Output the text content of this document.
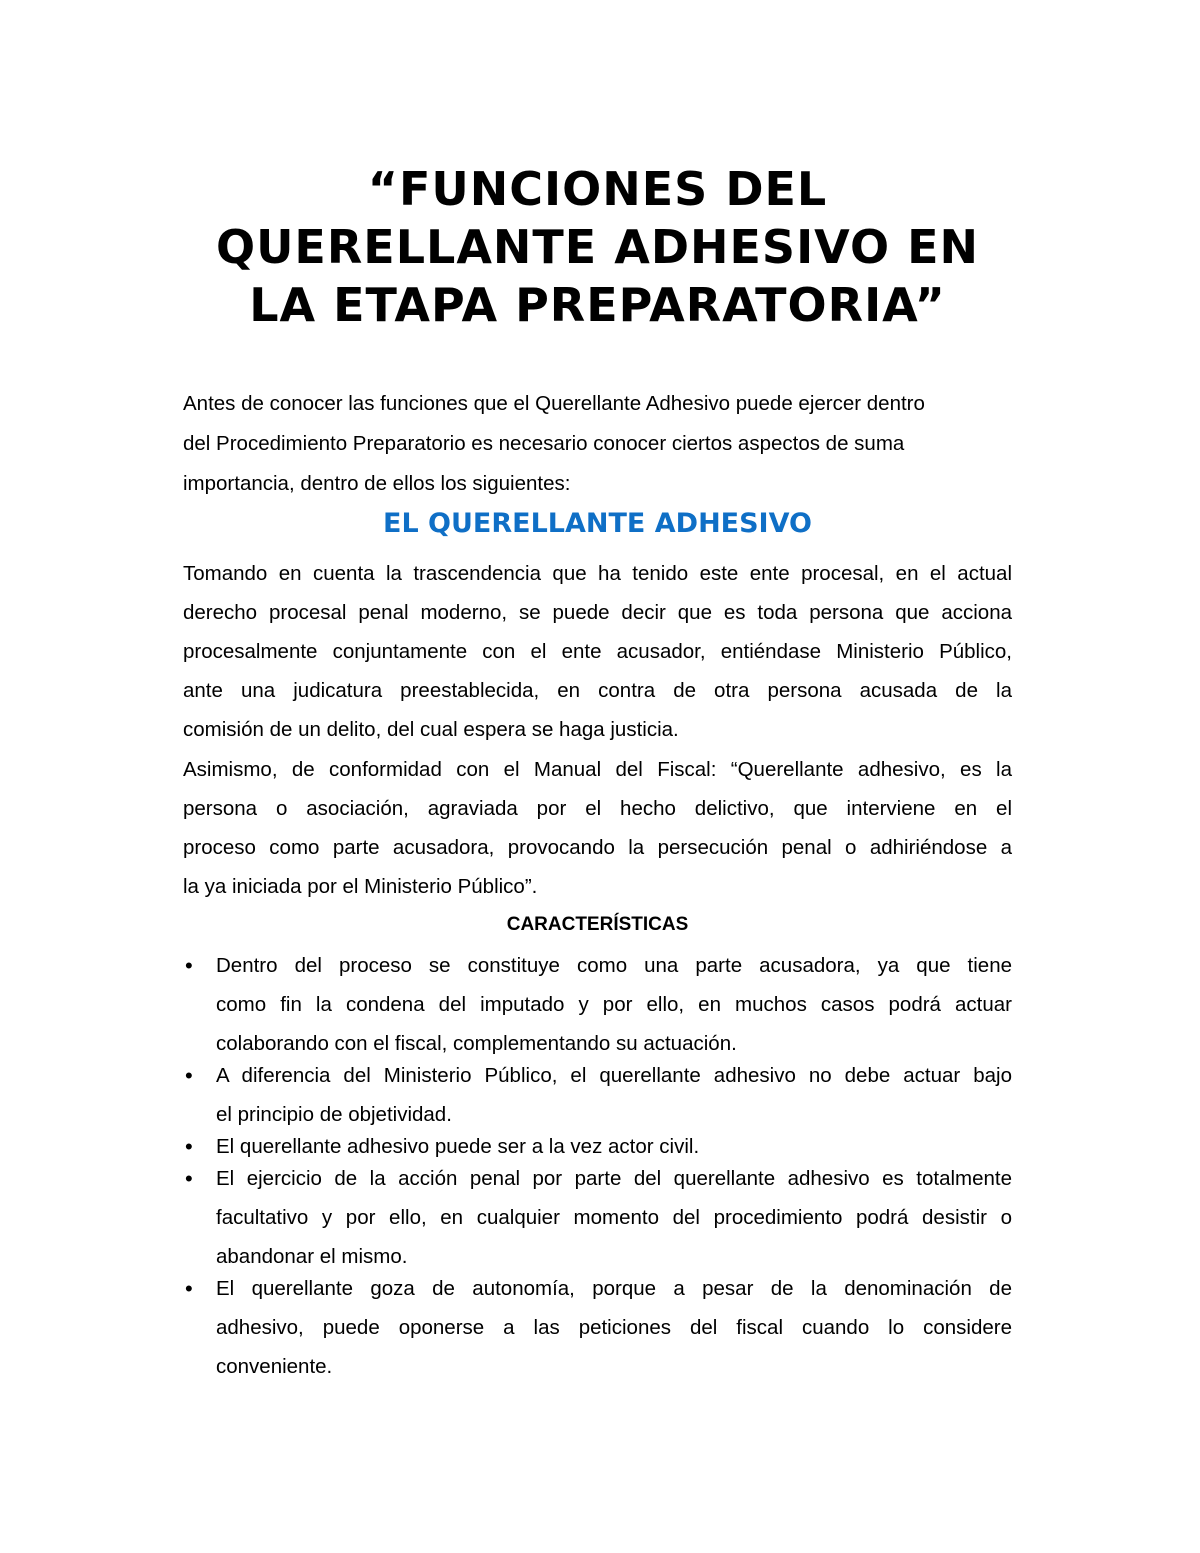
“FUNCIONES DEL
QUERELLANTE ADHESIVO EN
LA ETAPA PREPARATORIA”

Antes de conocer las funciones que el Querellante Adhesivo puede ejercer dentro
del Procedimiento Preparatorio es necesario conocer ciertos aspectos de suma
importancia, dentro de ellos los siguientes:

EL QUERELLANTE ADHESIVO

Tomando en cuenta la trascendencia que ha tenido este ente procesal, en el actual
derecho procesal penal moderno, se puede decir que es toda persona que acciona
procesalmente conjuntamente con el ente acusador, entiéndase Ministerio Público,
ante una judicatura preestablecida, en contra de otra persona acusada de la
comisión de un delito, del cual espera se haga justicia.

Asimismo, de conformidad con el Manual del Fiscal: “Querellante adhesivo, es la
persona o asociación, agraviada por el hecho delictivo, que interviene en el
proceso como parte acusadora, provocando la persecución penal o adhiriéndose a
la ya iniciada por el Ministerio Público”.

CARACTERÍSTICAS
• Dentro del proceso se constituye como una parte acusadora, ya que tiene
como fin la condena del imputado y por ello, en muchos casos podrá actuar
colaborando con el fiscal, complementando su actuación.
• A diferencia del Ministerio Público, el querellante adhesivo no debe actuar bajo
el principio de objetividad.
• El querellante adhesivo puede ser a la vez actor civil.
• El ejercicio de la acción penal por parte del querellante adhesivo es totalmente
facultativo y por ello, en cualquier momento del procedimiento podrá desistir o
abandonar el mismo.
• El querellante goza de autonomía, porque a pesar de la denominación de
adhesivo, puede oponerse a las peticiones del fiscal cuando lo considere
conveniente.
